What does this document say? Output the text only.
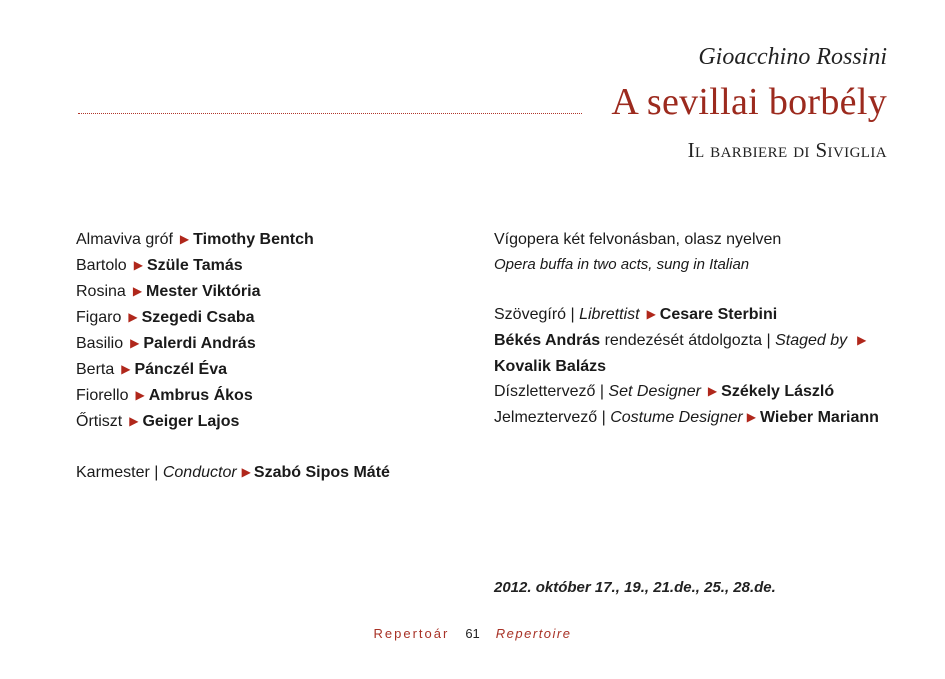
Gioacchino Rossini
A sevillai borbély
Il barbiere di Siviglia
Almaviva gróf ▶ Timothy Bentch
Bartolo ▶ Szüle Tamás
Rosina ▶ Mester Viktória
Figaro ▶ Szegedi Csaba
Basilio ▶ Palerdi András
Berta ▶ Pánczél Éva
Fiorello ▶ Ambrus Ákos
Őrtiszt ▶ Geiger Lajos
Karmester | Conductor ▶ Szabó Sipos Máté
Vígopera két felvonásban, olasz nyelven
Opera buffa in two acts, sung in Italian
Szövegíró | Librettist ▶ Cesare Sterbini
Békés András rendezését átdolgozta | Staged by ▶
Kovalik Balázs
Díszlettervező | Set Designer ▶ Székely László
Jelmeztervező | Costume Designer ▶ Wieber Mariann
2012. október 17., 19., 21.de., 25., 28.de.
Repertoár 61 Repertoire
